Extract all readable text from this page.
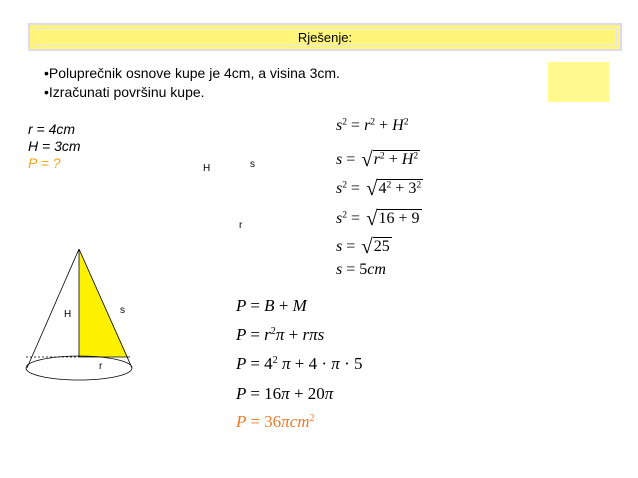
Rješenje:
•Poluprečnik osnove kupe je 4cm, a visina 3cm.
•Izračunati površinu kupe.
r = 4cm
H = 3cm
P = ?	H	s
r
H	s
r
$s^2 = r^2 + H^2$
$s = √r^2 + H^2$
$s^2 = √4^2 + 3^2$
$s^2 = √16 + 9$
s = √25
s = 5cm
P = B + M
$P = r^2\pi + r\pi s$
$P = 4^2$ π + 4 · π · 5
P = 16π + 20π
P = 36πcm$^2$
